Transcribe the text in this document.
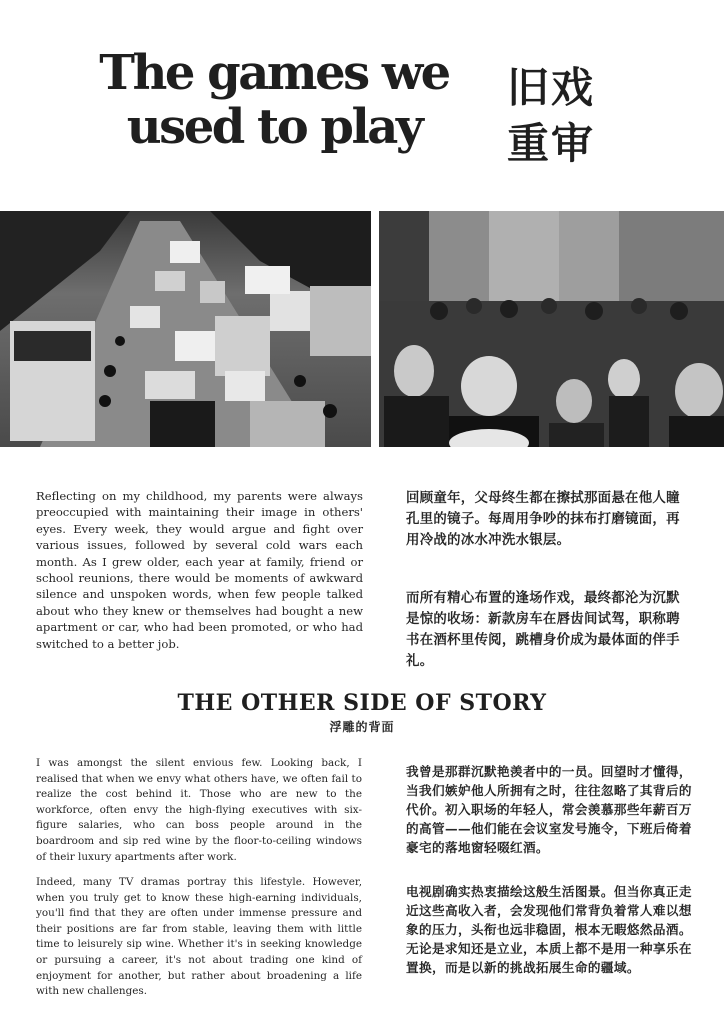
The games we
used to play
旧戏
重审

Reflecting on my childhood, my parents were always preoccupied with maintaining their image in others' eyes. Every week, they would argue and fight over various issues, followed by several cold wars each month. As I grew older, each year at family, friend or school reunions, there would be moments of awkward silence and unspoken words, when few people talked about who they knew or themselves had bought a new apartment or car, who had been promoted, or who had switched to a better job.

回顾童年，父母终生都在擦拭那面悬在他人瞳孔里的镜子。每周用争吵的抹布打磨镜面，再用冷战的冰水冲洗水银层。

而所有精心布置的逢场作戏，最终都沦为沉默是惊的收场：新款房车在唇齿间试驾，职称聘书在酒杯里传阅，跳槽身价成为最体面的伴手礼。

THE OTHER SIDE OF STORY
浮雕的背面

I was amongst the silent envious few. Looking back, I realised that when we envy what others have, we often fail to realize the cost behind it. Those who are new to the workforce, often envy the high-flying executives with six-figure salaries, who can boss people around in the boardroom and sip red wine by the floor-to-ceiling windows of their luxury apartments after work.

Indeed, many TV dramas portray this lifestyle. However, when you truly get to know these high-earning individuals, you'll find that they are often under immense pressure and their positions are far from stable, leaving them with little time to leisurely sip wine. Whether it's in seeking knowledge or pursuing a career, it's not about trading one kind of enjoyment for another, but rather about broadening a life with new challenges.

我曾是那群沉默艳羡者中的一员。回望时才懂得，当我们嫉妒他人所拥有之时，往往忽略了其背后的代价。初入职场的年轻人，常会羡慕那些年薪百万的高管——他们能在会议室发号施令，下班后倚着豪宅的落地窗轻啜红酒。

电视剧确实热衷描绘这般生活图景。但当你真正走近这些高收入者，会发现他们常背负着常人难以想象的压力，头衔也远非稳固，根本无暇悠然品酒。无论是求知还是立业，本质上都不是用一种享乐在置换，而是以新的挑战拓展生命的疆域。
